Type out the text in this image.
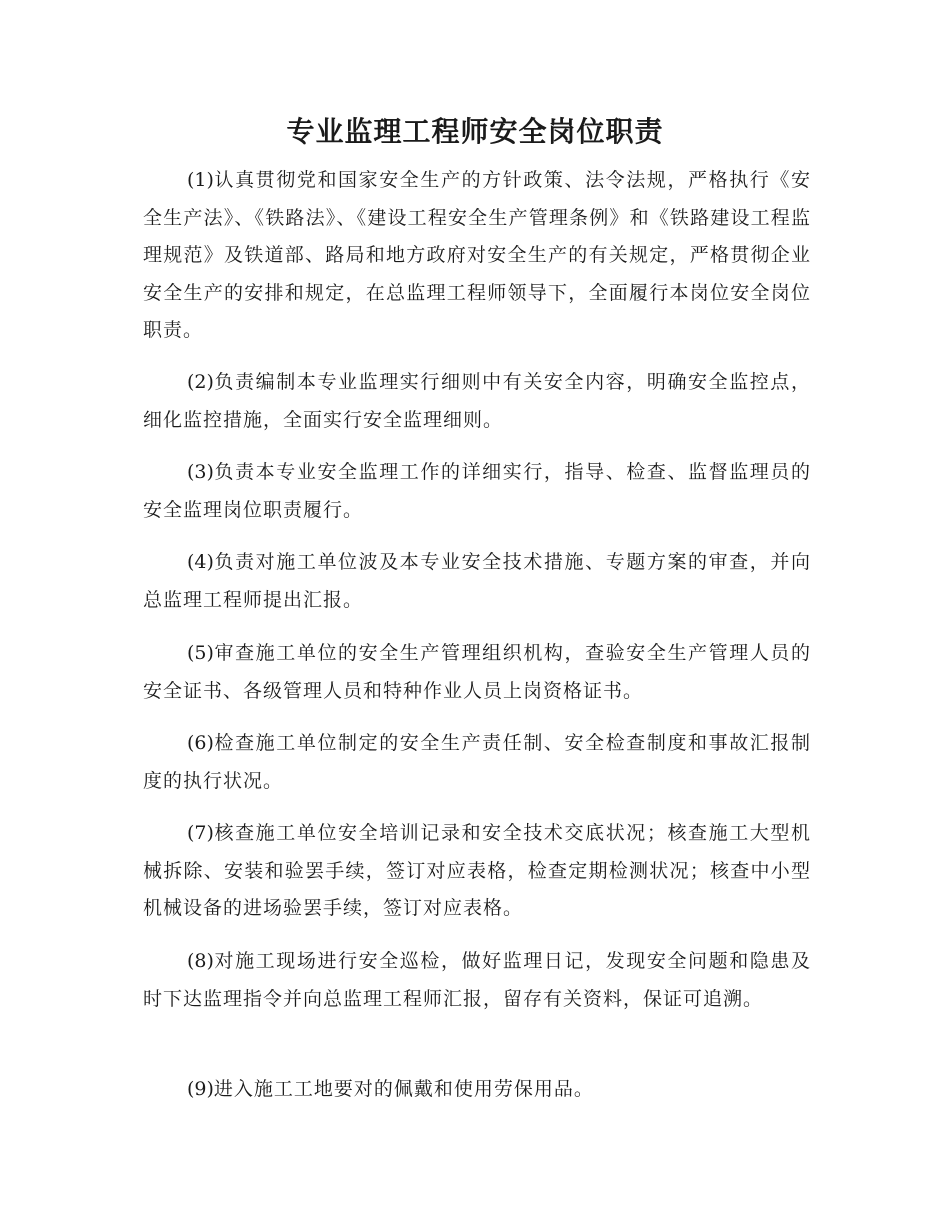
专业监理工程师安全岗位职责
(1)认真贯彻党和国家安全生产的方针政策、法令法规，严格执行《安全生产法》、《铁路法》、《建设工程安全生产管理条例》和《铁路建设工程监理规范》及铁道部、路局和地方政府对安全生产的有关规定，严格贯彻企业安全生产的安排和规定，在总监理工程师领导下，全面履行本岗位安全岗位职责。
(2)负责编制本专业监理实行细则中有关安全内容，明确安全监控点，细化监控措施，全面实行安全监理细则。
(3)负责本专业安全监理工作的详细实行，指导、检查、监督监理员的安全监理岗位职责履行。
(4)负责对施工单位波及本专业安全技术措施、专题方案的审查，并向总监理工程师提出汇报。
(5)审查施工单位的安全生产管理组织机构，查验安全生产管理人员的安全证书、各级管理人员和特种作业人员上岗资格证书。
(6)检查施工单位制定的安全生产责任制、安全检查制度和事故汇报制度的执行状况。
(7)核查施工单位安全培训记录和安全技术交底状况；核查施工大型机械拆除、安装和验罢手续，签订对应表格，检查定期检测状况；核查中小型机械设备的进场验罢手续，签订对应表格。
(8)对施工现场进行安全巡检，做好监理日记，发现安全问题和隐患及时下达监理指令并向总监理工程师汇报，留存有关资料，保证可追溯。
(9)进入施工工地要对的佩戴和使用劳保用品。
